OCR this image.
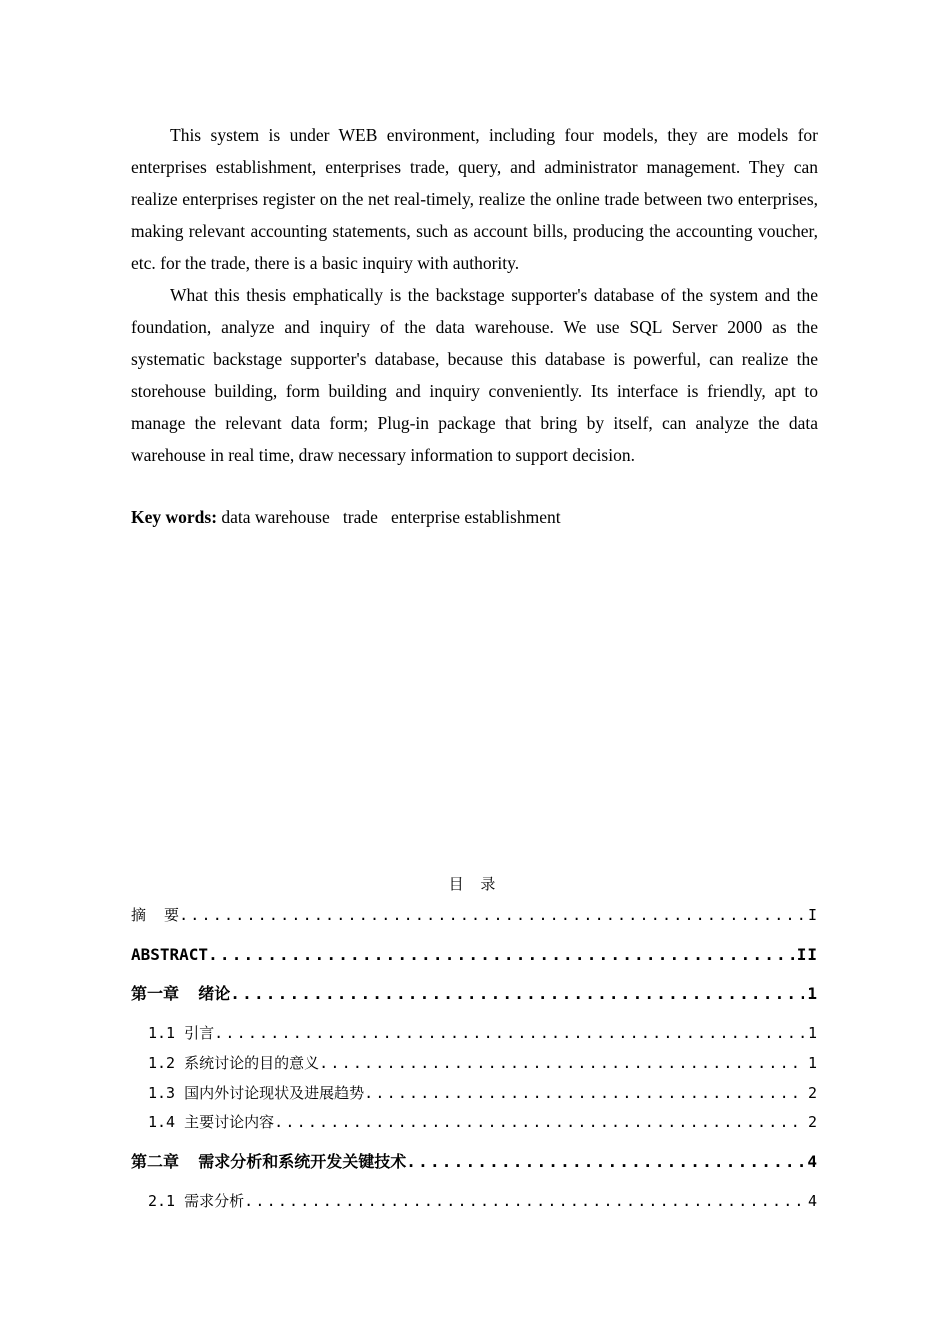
This system is under WEB environment, including four models, they are models for enterprises establishment, enterprises trade, query, and administrator management. They can realize enterprises register on the net real-timely, realize the online trade between two enterprises, making relevant accounting statements, such as account bills, producing the accounting voucher, etc. for the trade, there is a basic inquiry with authority.

What this thesis emphatically is the backstage supporter's database of the system and the foundation, analyze and inquiry of the data warehouse. We use SQL Server 2000 as the systematic backstage supporter's database, because this database is powerful, can realize the storehouse building, form building and inquiry conveniently. Its interface is friendly, apt to manage the relevant data form; Plug-in package that bring by itself, can analyze the data warehouse in real time, draw necessary information to support decision.

Key words: data warehouse   trade   enterprise establishment
目 录
摘  要 .....	I
ABSTRACT .....	II
第一章  绪论 .....	1
1.1 引言 .....	1
1.2 系统讨论的目的意义 .....	1
1.3 国内外讨论现状及进展趋势 .....	2
1.4 主要讨论内容 .....	2
第二章  需求分析和系统开发关键技术 .....	4
2.1 需求分析 .....	4
